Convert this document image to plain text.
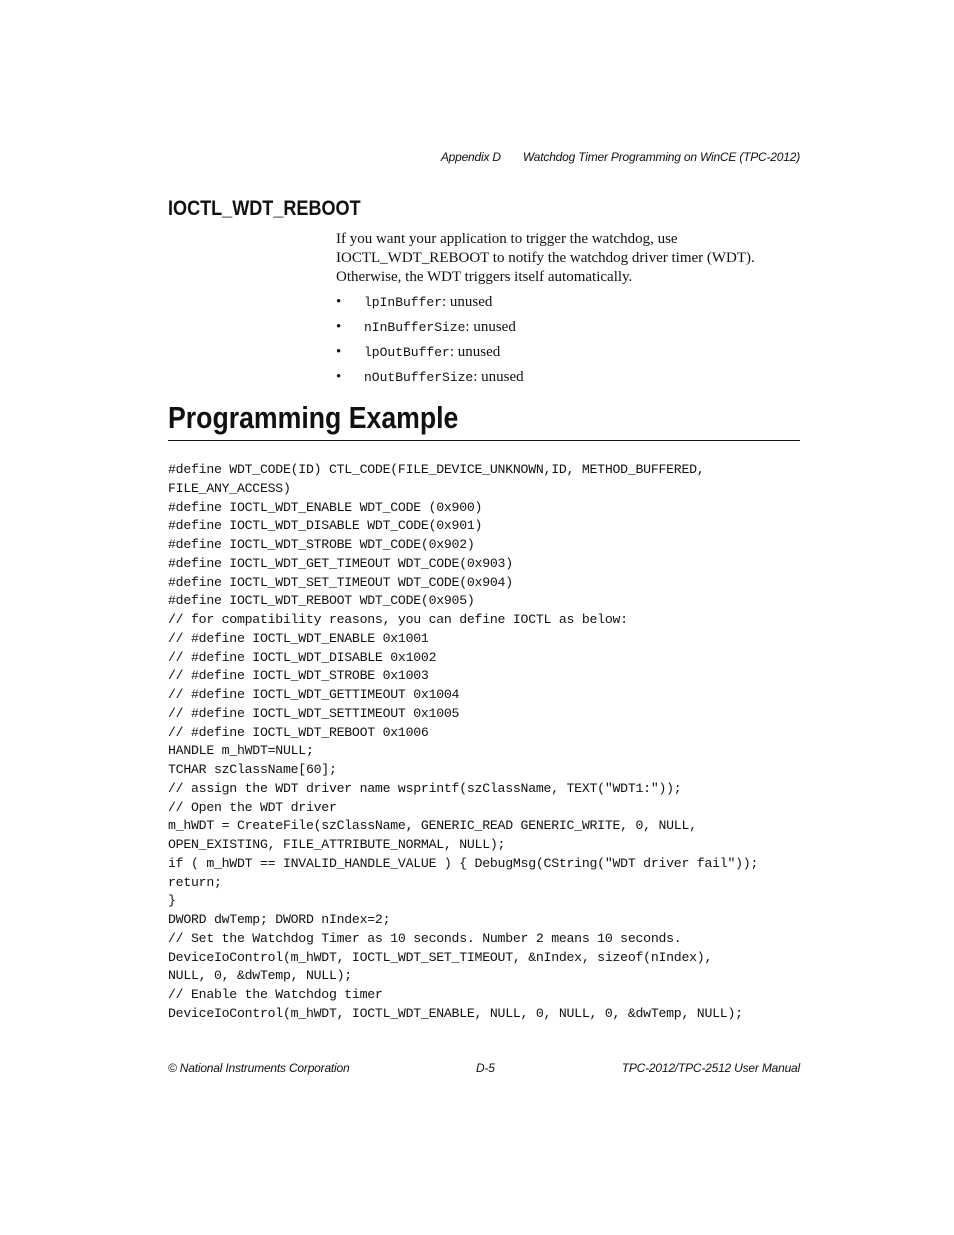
Appendix D Watchdog Timer Programming on WinCE (TPC-2012)
IOCTL_WDT_REBOOT
If you want your application to trigger the watchdog, use
IOCTL_WDT_REBOOT to notify the watchdog driver timer (WDT).
Otherwise, the WDT triggers itself automatically.
• lpInBuffer: unused
• nInBufferSize: unused
• lpOutBuffer: unused
• nOutBufferSize: unused
Programming Example
#define WDT_CODE(ID) CTL_CODE(FILE_DEVICE_UNKNOWN,ID, METHOD_BUFFERED,
FILE_ANY_ACCESS)
#define IOCTL_WDT_ENABLE WDT_CODE (0x900)
#define IOCTL_WDT_DISABLE WDT_CODE(0x901)
#define IOCTL_WDT_STROBE WDT_CODE(0x902)
#define IOCTL_WDT_GET_TIMEOUT WDT_CODE(0x903)
#define IOCTL_WDT_SET_TIMEOUT WDT_CODE(0x904)
#define IOCTL_WDT_REBOOT WDT_CODE(0x905)
// for compatibility reasons, you can define IOCTL as below:
// #define IOCTL_WDT_ENABLE 0x1001
// #define IOCTL_WDT_DISABLE 0x1002
// #define IOCTL_WDT_STROBE 0x1003
// #define IOCTL_WDT_GETTIMEOUT 0x1004
// #define IOCTL_WDT_SETTIMEOUT 0x1005
// #define IOCTL_WDT_REBOOT 0x1006
HANDLE m_hWDT=NULL;
TCHAR szClassName[60];
// assign the WDT driver name wsprintf(szClassName, TEXT("WDT1:"));
// Open the WDT driver
m_hWDT = CreateFile(szClassName, GENERIC_READ GENERIC_WRITE, 0, NULL,
OPEN_EXISTING, FILE_ATTRIBUTE_NORMAL, NULL);
if ( m_hWDT == INVALID_HANDLE_VALUE ) { DebugMsg(CString("WDT driver fail"));
return;
}
DWORD dwTemp; DWORD nIndex=2;
// Set the Watchdog Timer as 10 seconds. Number 2 means 10 seconds.
DeviceIoControl(m_hWDT, IOCTL_WDT_SET_TIMEOUT, &nIndex, sizeof(nIndex),
NULL, 0, &dwTemp, NULL);
// Enable the Watchdog timer
DeviceIoControl(m_hWDT, IOCTL_WDT_ENABLE, NULL, 0, NULL, 0, &dwTemp, NULL);
© National Instruments Corporation	D-5	TPC-2012/TPC-2512 User Manual
